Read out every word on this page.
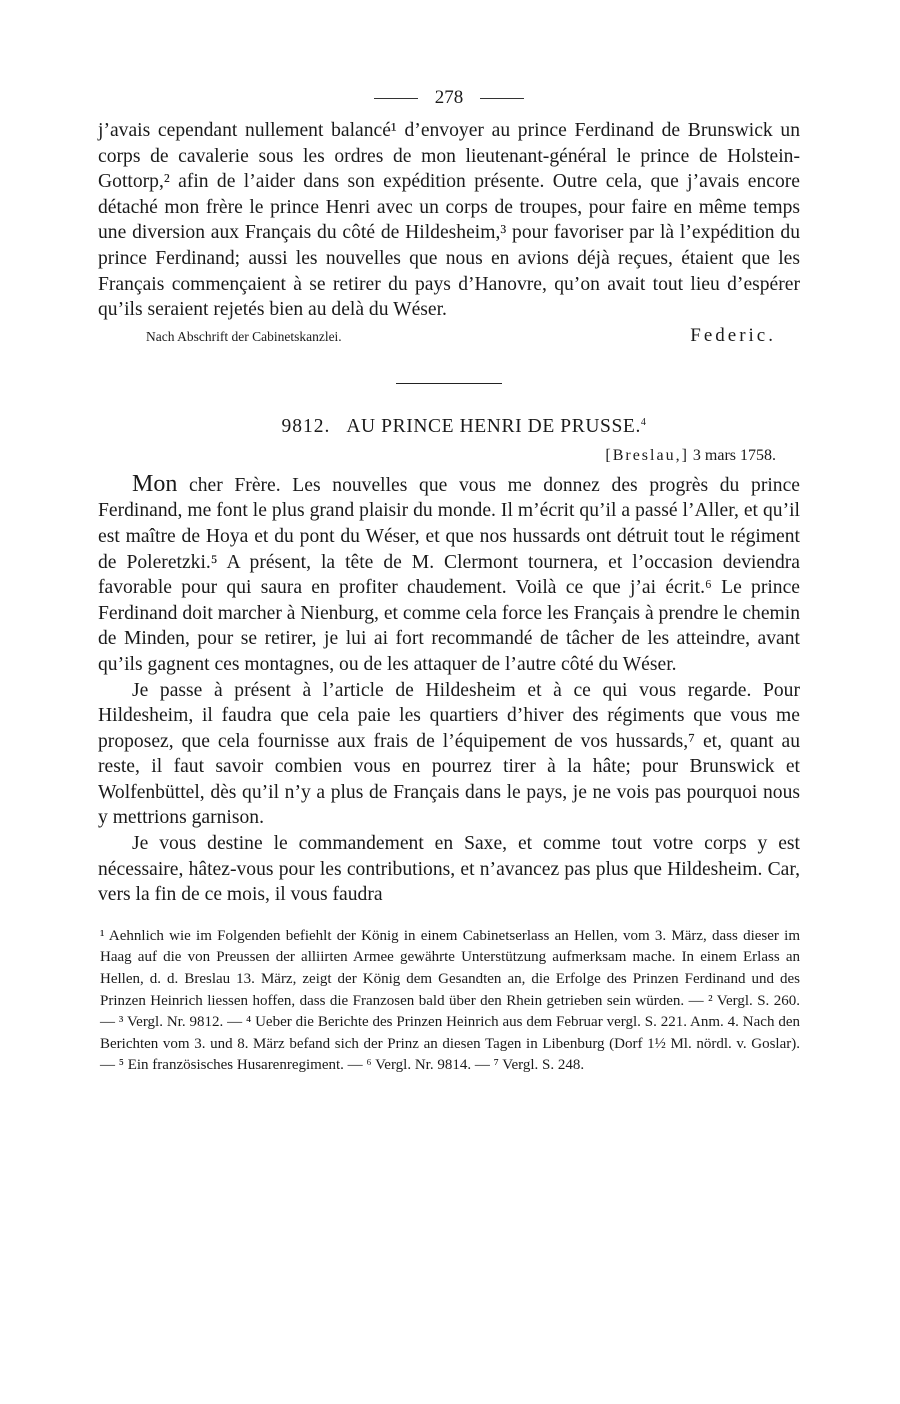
278

j’avais cependant nullement balancé¹ d’envoyer au prince Ferdinand de Brunswick un corps de cavalerie sous les ordres de mon lieutenant-général le prince de Holstein-Gottorp,² afin de l’aider dans son expédition présente. Outre cela, que j’avais encore détaché mon frère le prince Henri avec un corps de troupes, pour faire en même temps une diversion aux Français du côté de Hildesheim,³ pour favoriser par là l’expédition du prince Ferdinand; aussi les nouvelles que nous en avions déjà reçues, étaient que les Français commençaient à se retirer du pays d’Hanovre, qu’on avait tout lieu d’espérer qu’ils seraient rejetés bien au delà du Wéser.

Nach Abschrift der Cabinetskanzlei.	Federic.
9812. AU PRINCE HENRI DE PRUSSE.$^4$
[Breslau,] 3 mars 1758.

Mon cher Frère. Les nouvelles que vous me donnez des progrès du prince Ferdinand, me font le plus grand plaisir du monde. Il m’écrit qu’il a passé l’Aller, et qu’il est maître de Hoya et du pont du Wéser, et que nos hussards ont détruit tout le régiment de Poleretzki.⁵ A présent, la tête de M. Clermont tournera, et l’occasion deviendra favorable pour qui saura en profiter chaudement. Voilà ce que j’ai écrit.⁶ Le prince Ferdinand doit marcher à Nienburg, et comme cela force les Français à prendre le chemin de Minden, pour se retirer, je lui ai fort recommandé de tâcher de les atteindre, avant qu’ils gagnent ces montagnes, ou de les attaquer de l’autre côté du Wéser.

Je passe à présent à l’article de Hildesheim et à ce qui vous regarde. Pour Hildesheim, il faudra que cela paie les quartiers d’hiver des régiments que vous me proposez, que cela fournisse aux frais de l’équipement de vos hussards,⁷ et, quant au reste, il faut savoir combien vous en pourrez tirer à la hâte; pour Brunswick et Wolfenbüttel, dès qu’il n’y a plus de Français dans le pays, je ne vois pas pourquoi nous y mettrions garnison.

Je vous destine le commandement en Saxe, et comme tout votre corps y est nécessaire, hâtez-vous pour les contributions, et n’avancez pas plus que Hildesheim. Car, vers la fin de ce mois, il vous faudra

¹ Aehnlich wie im Folgenden befiehlt der König in einem Cabinetserlass an Hellen, vom 3. März, dass dieser im Haag auf die von Preussen der alliirten Armee gewährte Unterstützung aufmerksam mache. In einem Erlass an Hellen, d. d. Breslau 13. März, zeigt der König dem Gesandten an, die Erfolge des Prinzen Ferdinand und des Prinzen Heinrich liessen hoffen, dass die Franzosen bald über den Rhein getrieben sein würden. — ² Vergl. S. 260. — ³ Vergl. Nr. 9812. — ⁴ Ueber die Berichte des Prinzen Heinrich aus dem Februar vergl. S. 221. Anm. 4. Nach den Berichten vom 3. und 8. März befand sich der Prinz an diesen Tagen in Libenburg (Dorf 1½ Ml. nördl. v. Goslar). — ⁵ Ein französisches Husarenregiment. — ⁶ Vergl. Nr. 9814. — ⁷ Vergl. S. 248.
